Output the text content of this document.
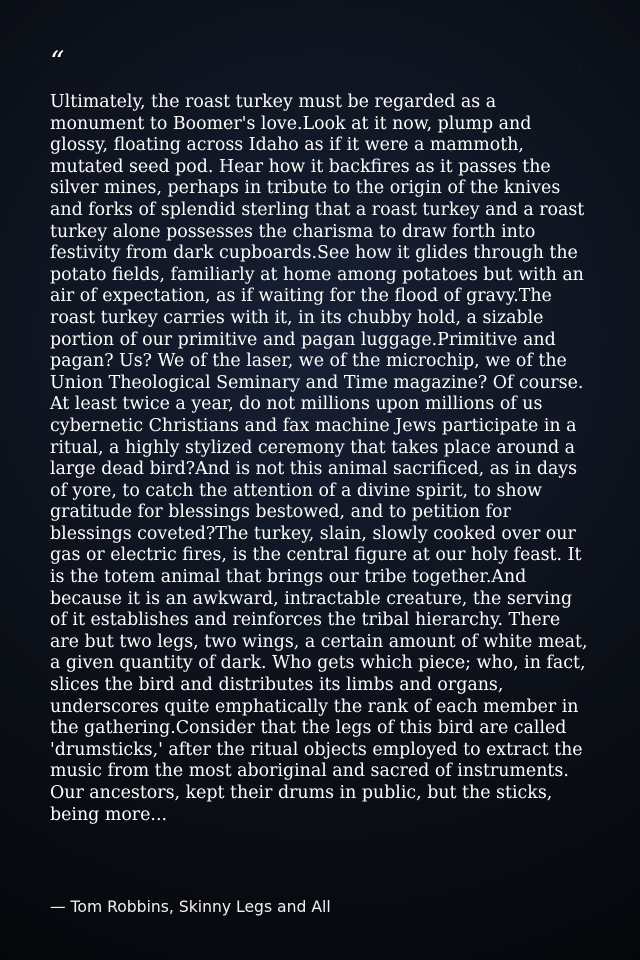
“

Ultimately, the roast turkey must be regarded as a monument to Boomer's love.Look at it now, plump and glossy, floating across Idaho as if it were a mammoth, mutated seed pod. Hear how it backfires as it passes the silver mines, perhaps in tribute to the origin of the knives and forks of splendid sterling that a roast turkey and a roast turkey alone possesses the charisma to draw forth into festivity from dark cupboards.See how it glides through the potato fields, familiarly at home among potatoes but with an air of expectation, as if waiting for the flood of gravy.The roast turkey carries with it, in its chubby hold, a sizable portion of our primitive and pagan luggage.Primitive and pagan? Us? We of the laser, we of the microchip, we of the Union Theological Seminary and Time magazine? Of course. At least twice a year, do not millions upon millions of us cybernetic Christians and fax machine Jews participate in a ritual, a highly stylized ceremony that takes place around a large dead bird?And is not this animal sacrificed, as in days of yore, to catch the attention of a divine spirit, to show gratitude for blessings bestowed, and to petition for blessings coveted?The turkey, slain, slowly cooked over our gas or electric fires, is the central figure at our holy feast. It is the totem animal that brings our tribe together.And because it is an awkward, intractable creature, the serving of it establishes and reinforces the tribal hierarchy. There are but two legs, two wings, a certain amount of white meat, a given quantity of dark. Who gets which piece; who, in fact, slices the bird and distributes its limbs and organs, underscores quite emphatically the rank of each member in the gathering.Consider that the legs of this bird are called 'drumsticks,' after the ritual objects employed to extract the music from the most aboriginal and sacred of instruments. Our ancestors, kept their drums in public, but the sticks, being more...

— Tom Robbins, Skinny Legs and All
